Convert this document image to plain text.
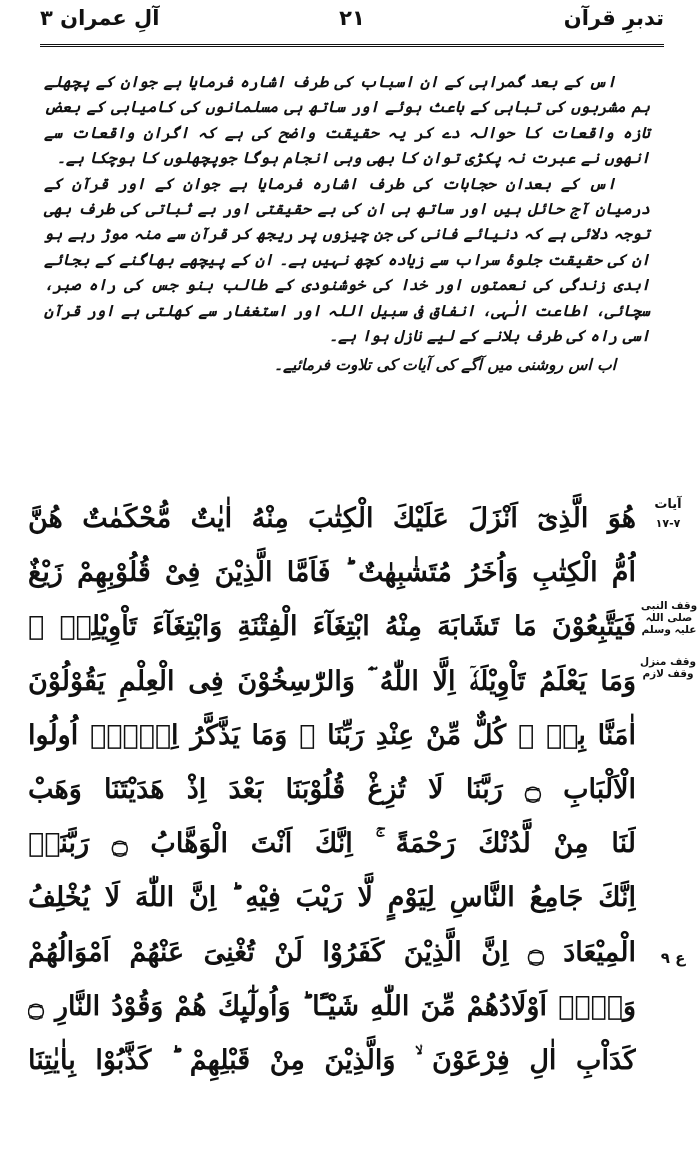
تدبرِ قرآن
۲۱
آلِ عمران ۳

اس کے بعد گمراہی کے ان اسباب کی طرف اشارہ فرمایا ہے جوان کے پچھلے ہم مشربوں کی تباہی کے باعث ہوئے اور ساتھ ہی مسلمانوں کی کامیابی کے بعض تازہ واقعات کا حوالہ دے کر یہ حقیقت واضح کی ہے کہ اگران واقعات سے انھوں نے عبرت نہ پکڑی توان کا بھی وہی انجام ہوگا جوپچھلوں کا ہوچکا ہے۔

اس کے بعدان حجابات کی طرف اشارہ فرمایا ہے جوان کے اور قرآن کے درمیان آج حائل ہیں اور ساتھ ہی ان کی بے حقیقتی اور بے ثباتی کی طرف بھی توجہ دلائی ہے کہ دنیائے فانی کی جن چیزوں پر ریجھ کر قرآن سے منہ موڑ رہے ہو ان کی حقیقت جلوۂ سراب سے زیادہ کچھ نہیں ہے۔ ان کے پیچھے بھاگنے کے بجائے ابدی زندگی کی نعمتوں اور خدا کی خوشنودی کے طالب بنو جس کی راہ صبر، سچائی، اطاعت الٰہی، انفاق فی سبیل اللہ اور استغفار سے کھلتی ہے اور قرآن اسی راہ کی طرف بلانے کے لیے نازل ہوا ہے۔

اب اس روشنی میں آگے کی آیات کی تلاوت فرمائیے۔

هُوَ الَّذِیٓ اَنْزَلَ عَلَیْكَ الْكِتٰبَ مِنْهُ اٰیٰتٌ مُّحْكَمٰتٌ هُنَّ
اُمُّ الْكِتٰبِ وَاُخَرُ مُتَشٰبِهٰتٌ ؕ فَاَمَّا الَّذِیْنَ فِیْ قُلُوْبِهِمْ زَیْغٌ
فَیَتَّبِعُوْنَ مَا تَشَابَهَ مِنْهُ ابْتِغَآءَ الْفِتْنَةِ وَابْتِغَآءَ تَاْوِیْلِهٖ ۚ
وَمَا یَعْلَمُ تَاْوِیْلَهٗۤ اِلَّا اللّٰهُ ۘؔ وَالرّٰسِخُوْنَ فِی الْعِلْمِ یَقُوْلُوْنَ
اٰمَنَّا بِهٖ ۙ كُلٌّ مِّنْ عِنْدِ رَبِّنَا ۚ وَمَا یَذَّكَّرُ اِلَّاۤ اُولُوا
الْاَلْبَابِ ۝ رَبَّنَا لَا تُزِغْ قُلُوْبَنَا بَعْدَ اِذْ هَدَیْتَنَا وَهَبْ
لَنَا مِنْ لَّدُنْكَ رَحْمَةً ۚ اِنَّكَ اَنْتَ الْوَهَّابُ ۝ رَبَّنَاۤ
اِنَّكَ جَامِعُ النَّاسِ لِیَوْمٍ لَّا رَیْبَ فِیْهِ ؕ اِنَّ اللّٰهَ لَا یُخْلِفُ
الْمِیْعَادَ ۝ اِنَّ الَّذِیْنَ كَفَرُوْا لَنْ تُغْنِیَ عَنْهُمْ اَمْوَالُهُمْ
وَلَاۤ اَوْلَادُهُمْ مِّنَ اللّٰهِ شَیْـًٔا ؕ وَاُولٰٓىِٕكَ هُمْ وَقُوْدُ النَّارِ ۝
كَدَاْبِ اٰلِ فِرْعَوْنَ ۙ وَالَّذِیْنَ مِنْ قَبْلِهِمْ ؕ كَذَّبُوْا بِاٰیٰتِنَا
آیات
۱۷-۷
وقف النبی صلی اللہ علیہ وسلم
وقف منزل وقف لازم
ع ۹
